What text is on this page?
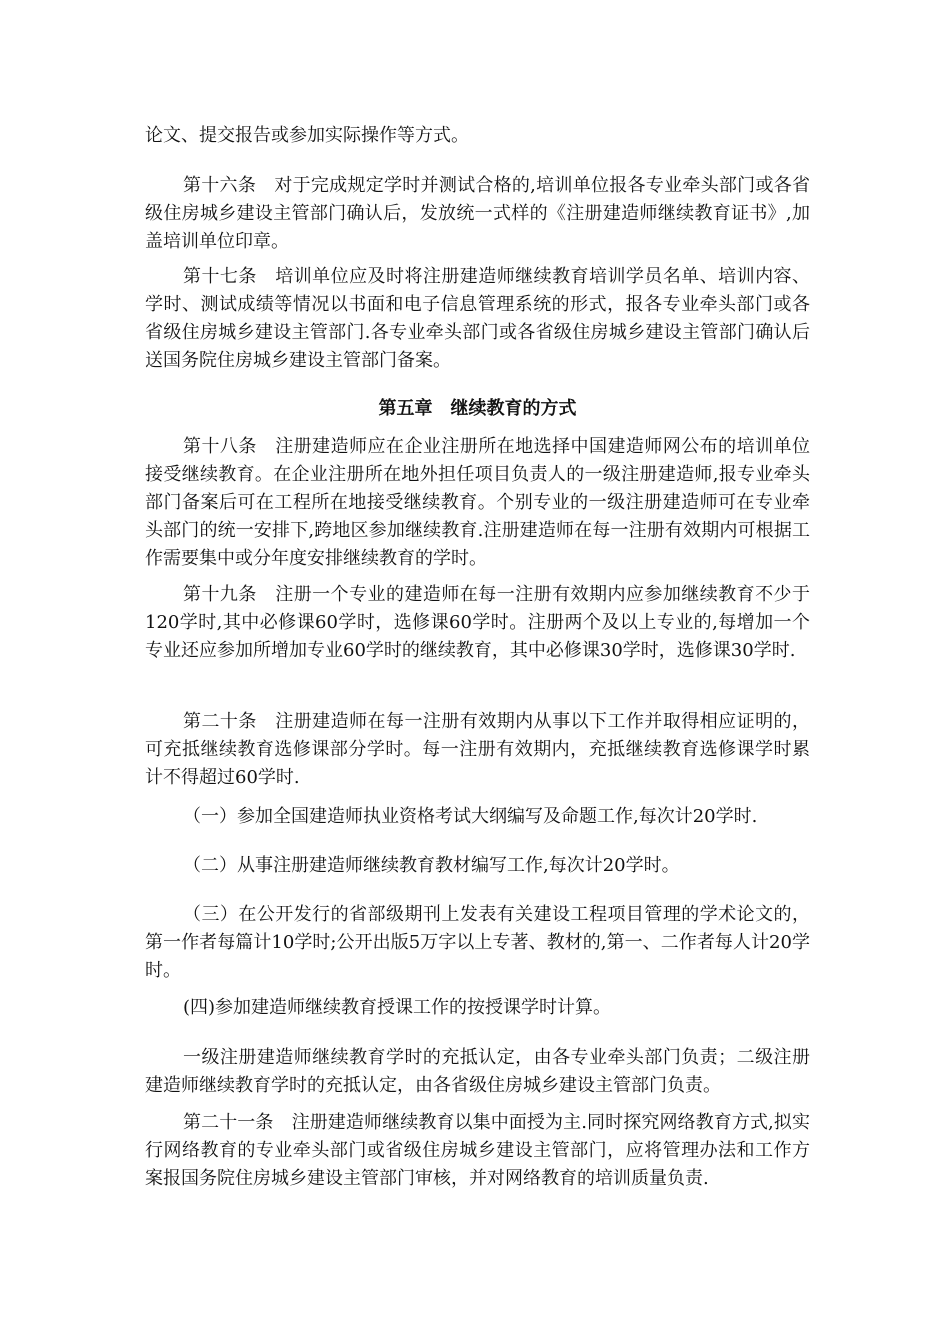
论文、提交报告或参加实际操作等方式。

第十六条　对于完成规定学时并测试合格的,培训单位报各专业牵头部门或各省级住房城乡建设主管部门确认后，发放统一式样的《注册建造师继续教育证书》,加盖培训单位印章。

第十七条　培训单位应及时将注册建造师继续教育培训学员名单、培训内容、学时、测试成绩等情况以书面和电子信息管理系统的形式，报各专业牵头部门或各省级住房城乡建设主管部门.各专业牵头部门或各省级住房城乡建设主管部门确认后送国务院住房城乡建设主管部门备案。

第五章　继续教育的方式

第十八条　注册建造师应在企业注册所在地选择中国建造师网公布的培训单位接受继续教育。在企业注册所在地外担任项目负责人的一级注册建造师,报专业牵头部门备案后可在工程所在地接受继续教育。个别专业的一级注册建造师可在专业牵头部门的统一安排下,跨地区参加继续教育.注册建造师在每一注册有效期内可根据工作需要集中或分年度安排继续教育的学时。

第十九条　注册一个专业的建造师在每一注册有效期内应参加继续教育不少于120学时,其中必修课60学时，选修课60学时。注册两个及以上专业的,每增加一个专业还应参加所增加专业60学时的继续教育，其中必修课30学时，选修课30学时.

第二十条　注册建造师在每一注册有效期内从事以下工作并取得相应证明的，可充抵继续教育选修课部分学时。每一注册有效期内，充抵继续教育选修课学时累计不得超过60学时.

（一）参加全国建造师执业资格考试大纲编写及命题工作,每次计20学时.

（二）从事注册建造师继续教育教材编写工作,每次计20学时。

（三）在公开发行的省部级期刊上发表有关建设工程项目管理的学术论文的，第一作者每篇计10学时;公开出版5万字以上专著、教材的,第一、二作者每人计20学时。

(四)参加建造师继续教育授课工作的按授课学时计算。

一级注册建造师继续教育学时的充抵认定，由各专业牵头部门负责；二级注册建造师继续教育学时的充抵认定，由各省级住房城乡建设主管部门负责。

第二十一条　注册建造师继续教育以集中面授为主.同时探究网络教育方式,拟实行网络教育的专业牵头部门或省级住房城乡建设主管部门，应将管理办法和工作方案报国务院住房城乡建设主管部门审核，并对网络教育的培训质量负责.
